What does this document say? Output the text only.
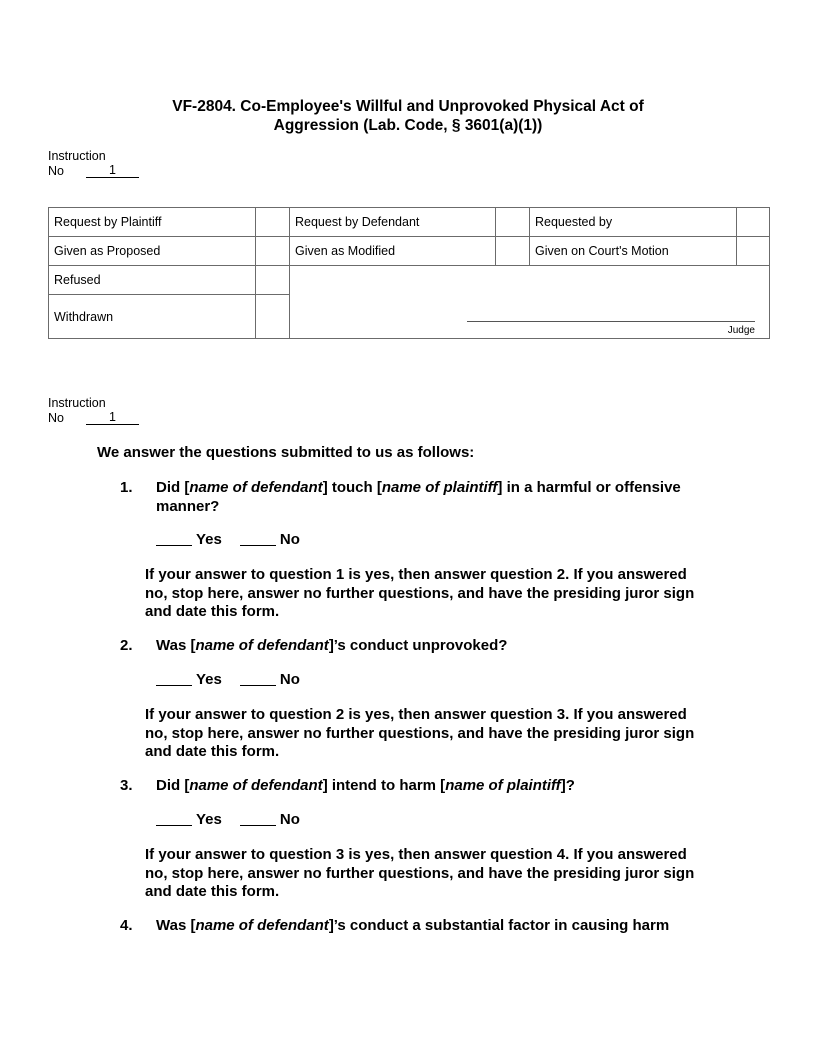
VF-2804. Co-Employee's Willful and Unprovoked Physical Act of
Aggression (Lab. Code, § 3601(a)(1))
Instruction
No	1
Request by Plaintiff		Request by Defendant		Requested by	
Given as Proposed		Given as Modified		Given on Court's Motion	
Refused		Judge			

Withdrawn					
Instruction
No	1
We answer the questions submitted to us as follows:
1.	Did [name of defendant] touch [name of plaintiff] in a harmful or offensive manner?
Yes	No
If your answer to question 1 is yes, then answer question 2. If you answered no, stop here, answer no further questions, and have the presiding juror sign and date this form.
2.	Was [name of defendant]’s conduct unprovoked?
Yes	No
If your answer to question 2 is yes, then answer question 3. If you answered no, stop here, answer no further questions, and have the presiding juror sign and date this form.
3.	Did [name of defendant] intend to harm [name of plaintiff]?
Yes	No
If your answer to question 3 is yes, then answer question 4. If you answered no, stop here, answer no further questions, and have the presiding juror sign and date this form.
4.	Was [name of defendant]’s conduct a substantial factor in causing harm
